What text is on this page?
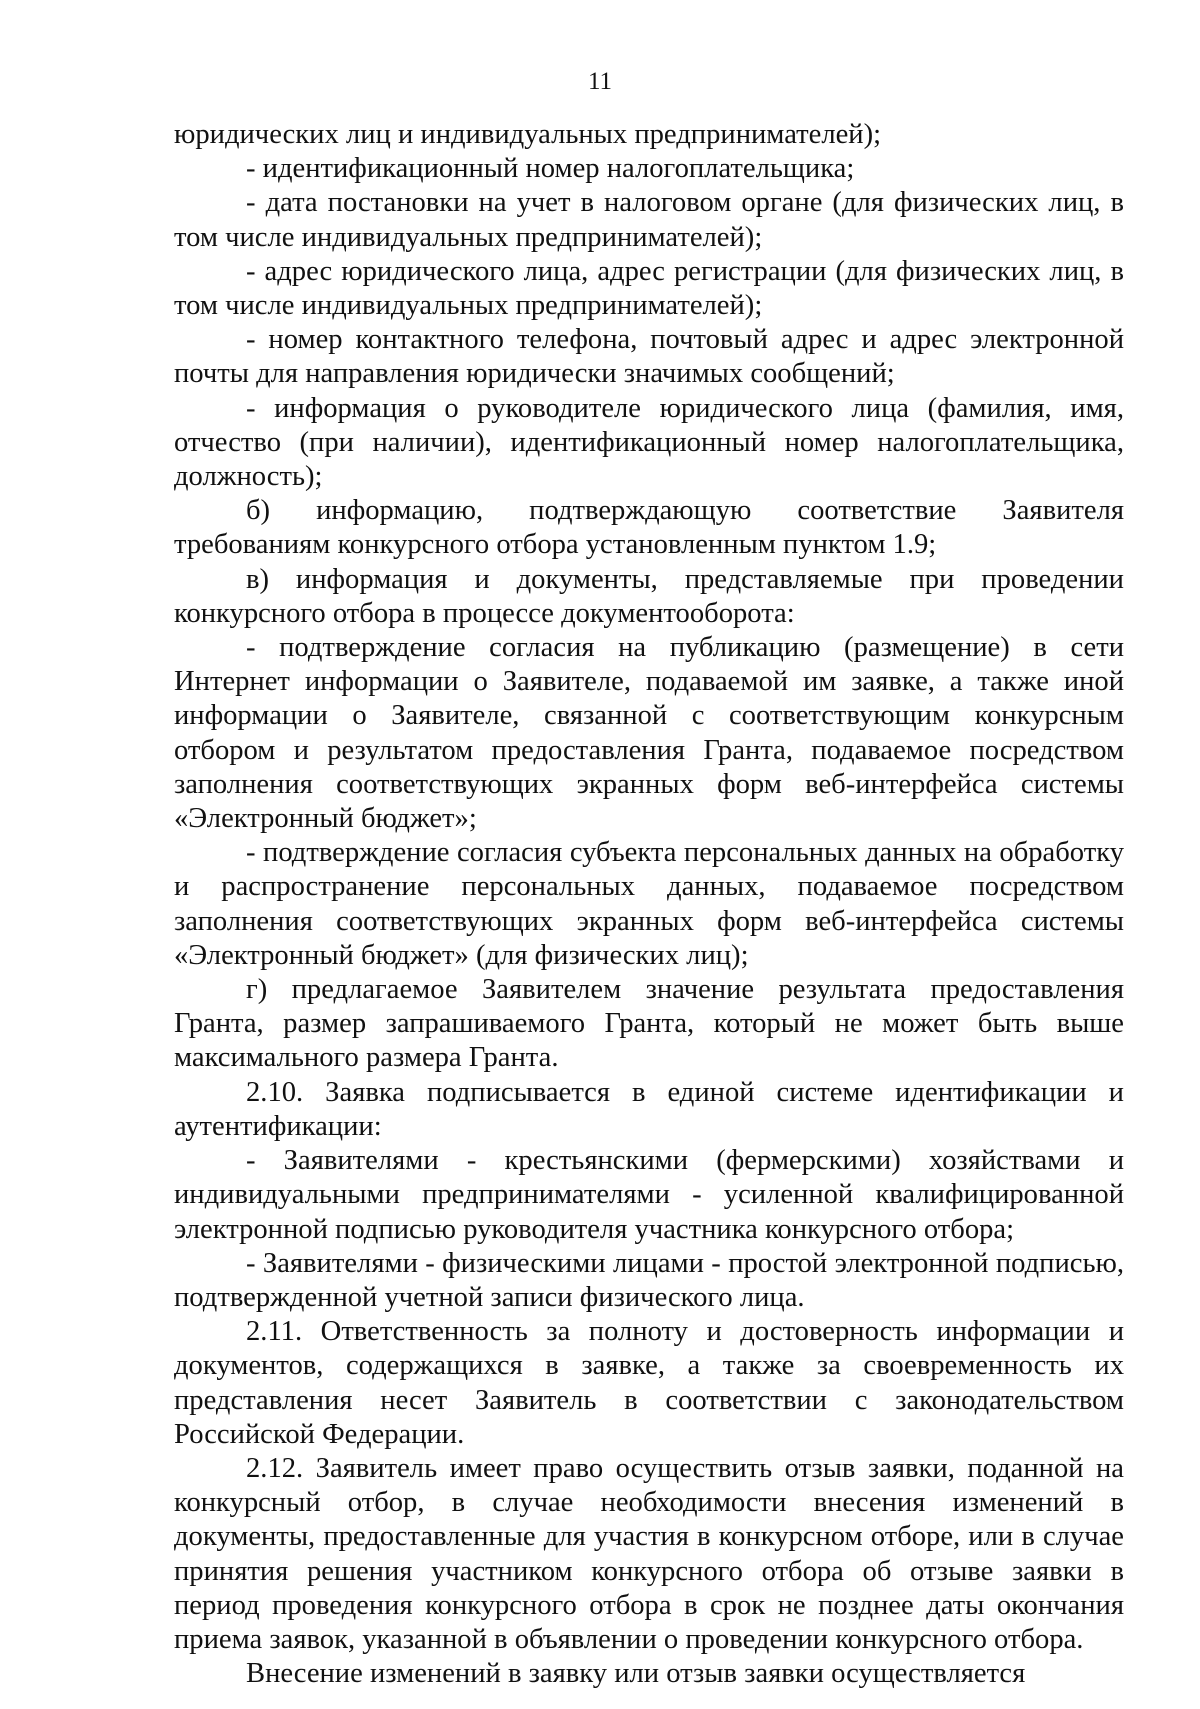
11

юридических лиц и индивидуальных предпринимателей);

- идентификационный номер налогоплательщика;

- дата постановки на учет в налоговом органе (для физических лиц, в том числе индивидуальных предпринимателей);

- адрес юридического лица, адрес регистрации (для физических лиц, в том числе индивидуальных предпринимателей);

- номер контактного телефона, почтовый адрес и адрес электронной почты для направления юридически значимых сообщений;

- информация о руководителе юридического лица (фамилия, имя, отчество (при наличии), идентификационный номер налогоплательщика, должность);

б) информацию, подтверждающую соответствие Заявителя требованиям конкурсного отбора установленным пунктом 1.9;

в) информация и документы, представляемые при проведении конкурсного отбора в процессе документооборота:

- подтверждение согласия на публикацию (размещение) в сети Интернет информации о Заявителе, подаваемой им заявке, а также иной информации о Заявителе, связанной с соответствующим конкурсным отбором и результатом предоставления Гранта, подаваемое посредством заполнения соответствующих экранных форм веб-интерфейса системы «Электронный бюджет»;

- подтверждение согласия субъекта персональных данных на обработку и распространение персональных данных, подаваемое посредством заполнения соответствующих экранных форм веб-интерфейса системы «Электронный бюджет» (для физических лиц);

г) предлагаемое Заявителем значение результата предоставления Гранта, размер запрашиваемого Гранта, который не может быть выше максимального размера Гранта.

2.10. Заявка подписывается в единой системе идентификации и аутентификации:

- Заявителями - крестьянскими (фермерскими) хозяйствами и индивидуальными предпринимателями - усиленной квалифицированной электронной подписью руководителя участника конкурсного отбора;

- Заявителями - физическими лицами - простой электронной подписью, подтвержденной учетной записи физического лица.

2.11. Ответственность за полноту и достоверность информации и документов, содержащихся в заявке, а также за своевременность их представления несет Заявитель в соответствии с законодательством Российской Федерации.

2.12. Заявитель имеет право осуществить отзыв заявки, поданной на конкурсный отбор, в случае необходимости внесения изменений в документы, предоставленные для участия в конкурсном отборе, или в случае принятия решения участником конкурсного отбора об отзыве заявки в период проведения конкурсного отбора в срок не позднее даты окончания приема заявок, указанной в объявлении о проведении конкурсного отбора.

Внесение изменений в заявку или отзыв заявки осуществляется
